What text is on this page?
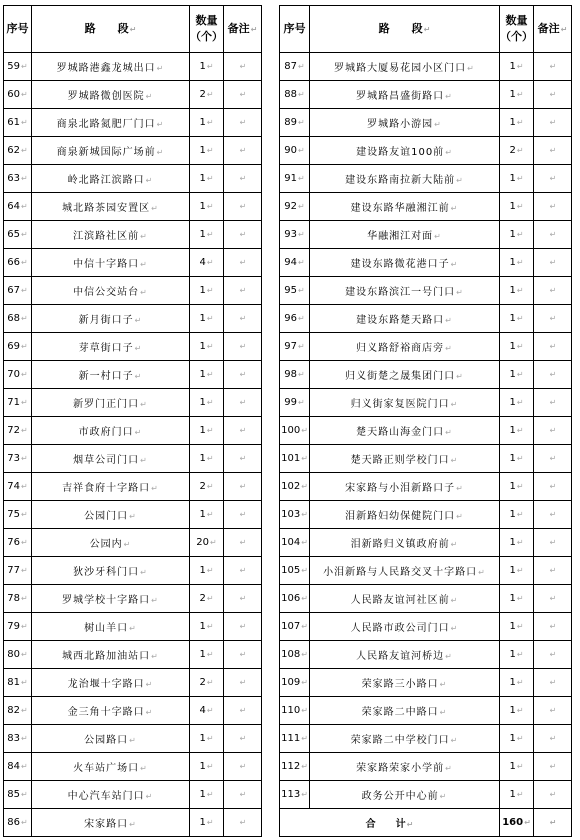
序号	路　　段↵	数量
（个）	备注↵
59↵	罗城路港鑫龙城出口↵	1↵	↵
60↵	罗城路微创医院↵	2↵	↵
61↵	商泉北路氮肥厂门口↵	1↵	↵
62↵	商泉新城国际广场前↵	1↵	↵
63↵	岭北路江滨路口↵	1↵	↵
64↵	城北路茶园安置区↵	1↵	↵
65↵	江滨路社区前↵	1↵	↵
66↵	中信十字路口↵	4↵	↵
67↵	中信公交站台↵	1↵	↵
68↵	新月街口子↵	1↵	↵
69↵	芽草街口子↵	1↵	↵
70↵	新一村口子↵	1↵	↵
71↵	新罗门正门口↵	1↵	↵
72↵	市政府门口↵	1↵	↵
73↵	烟草公司门口↵	1↵	↵
74↵	吉祥食府十字路口↵	2↵	↵
75↵	公园门口↵	1↵	↵
76↵	公园内↵	20↵	↵
77↵	狄沙牙科门口↵	1↵	↵
78↵	罗城学校十字路口↵	2↵	↵
79↵	树山羊口↵	1↵	↵
80↵	城西北路加油站口↵	1↵	↵
81↵	龙治堰十字路口↵	2↵	↵
82↵	金三角十字路口↵	4↵	↵
83↵	公园路口↵	1↵	↵
84↵	火车站广场口↵	1↵	↵
85↵	中心汽车站门口↵	1↵	↵
86↵	宋家路口↵	1↵	↵
序号	路　　段↵	数量
（个）	备注↵
87↵	罗城路大厦易花园小区门口↵	1↵	↵
88↵	罗城路昌盛街路口↵	1↵	↵
89↵	罗城路小游园↵	1↵	↵
90↵	建设路友谊100前↵	2↵	↵
91↵	建设东路南拉新大陆前↵	1↵	↵
92↵	建设东路华融湘江前↵	1↵	↵
93↵	华融湘江对面↵	1↵	↵
94↵	建设东路微花港口子↵	1↵	↵
95↵	建设东路滨江一号门口↵	1↵	↵
96↵	建设东路楚天路口↵	1↵	↵
97↵	归义路舒裕商店旁↵	1↵	↵
98↵	归义街楚之晟集团门口↵	1↵	↵
99↵	归义街家复医院门口↵	1↵	↵
100↵	楚天路山海金门口↵	1↵	↵
101↵	楚天路正则学校门口↵	1↵	↵
102↵	宋家路与小泪新路口子↵	1↵	↵
103↵	泪新路妇幼保健院门口↵	1↵	↵
104↵	泪新路归义镇政府前↵	1↵	↵
105↵	小泪新路与人民路交叉十字路口↵	1↵	↵
106↵	人民路友谊河社区前↵	1↵	↵
107↵	人民路市政公司门口↵	1↵	↵
108↵	人民路友谊河桥边↵	1↵	↵
109↵	荣家路三小路口↵	1↵	↵
110↵	荣家路二中路口↵	1↵	↵
111↵	荣家路二中学校门口↵	1↵	↵
112↵	荣家路荣家小学前↵	1↵	↵
113↵	政务公开中心前↵	1↵	↵
合　　计↵		160↵	↵
